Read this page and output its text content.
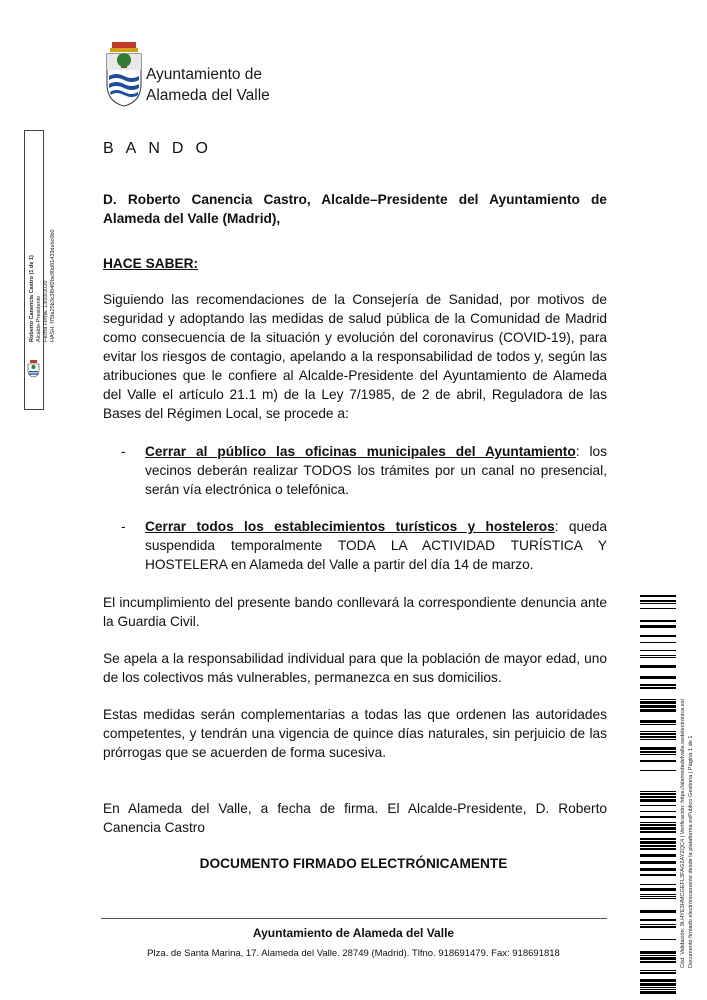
Ayuntamiento de
Alameda del Valle
BANDO
D. Roberto Canencia Castro, Alcalde–Presidente del Ayuntamiento de Alameda del Valle (Madrid),
HACE SABER:
Siguiendo las recomendaciones de la Consejería de Sanidad, por motivos de seguridad y adoptando las medidas de salud pública de la Comunidad de Madrid como consecuencia de la situación y evolución del coronavirus (COVID-19), para evitar los riesgos de contagio, apelando a la responsabilidad de todos y, según las atribuciones que le confiere al Alcalde-Presidente del Ayuntamiento de Alameda del Valle el artículo 21.1 m) de la Ley 7/1985, de 2 de abril, Reguladora de las Bases del Régimen Local, se procede a:
- Cerrar al público las oficinas municipales del Ayuntamiento: los vecinos deberán realizar TODOS los trámites por un canal no presencial, serán vía electrónica o telefónica.
- Cerrar todos los establecimientos turísticos y hosteleros: queda suspendida temporalmente TODA LA ACTIVIDAD TURÍSTICA Y HOSTELERA en Alameda del Valle a partir del día 14 de marzo.
El incumplimiento del presente bando conllevará la correspondiente denuncia ante la Guardia Civil.
Se apela a la responsabilidad individual para que la población de mayor edad, uno de los colectivos más vulnerables, permanezca en sus domicilios.
Estas medidas serán complementarias a todas las que ordenen las autoridades competentes, y tendrán una vigencia de quince días naturales, sin perjuicio de las prórrogas que se acuerden de forma sucesiva.
En Alameda del Valle, a fecha de firma. El Alcalde-Presidente, D. Roberto Canencia Castro
DOCUMENTO FIRMADO ELECTRÓNICAMENTE
Ayuntamiento de Alameda del Valle
Plza. de Santa Marina, 17. Alameda del Valle. 28749 (Madrid). Tlfno. 918691479. Fax: 918691818
Roberto Canencia Castro (1 de 1) Alcalde-Presidente Fecha Firma: 13/03/2020 HASH: f75fe25b3c3f84f2be90d81433debc0b0
Cód. Validación: 9LHYE3HMCGEFL3FAG2AY2QC4 | Verificación: https://alamedadelvalle.sedelectronica.es/ Documento firmado electrónicamente desde la plataforma esPublico Gestiona | Página 1 de 1
